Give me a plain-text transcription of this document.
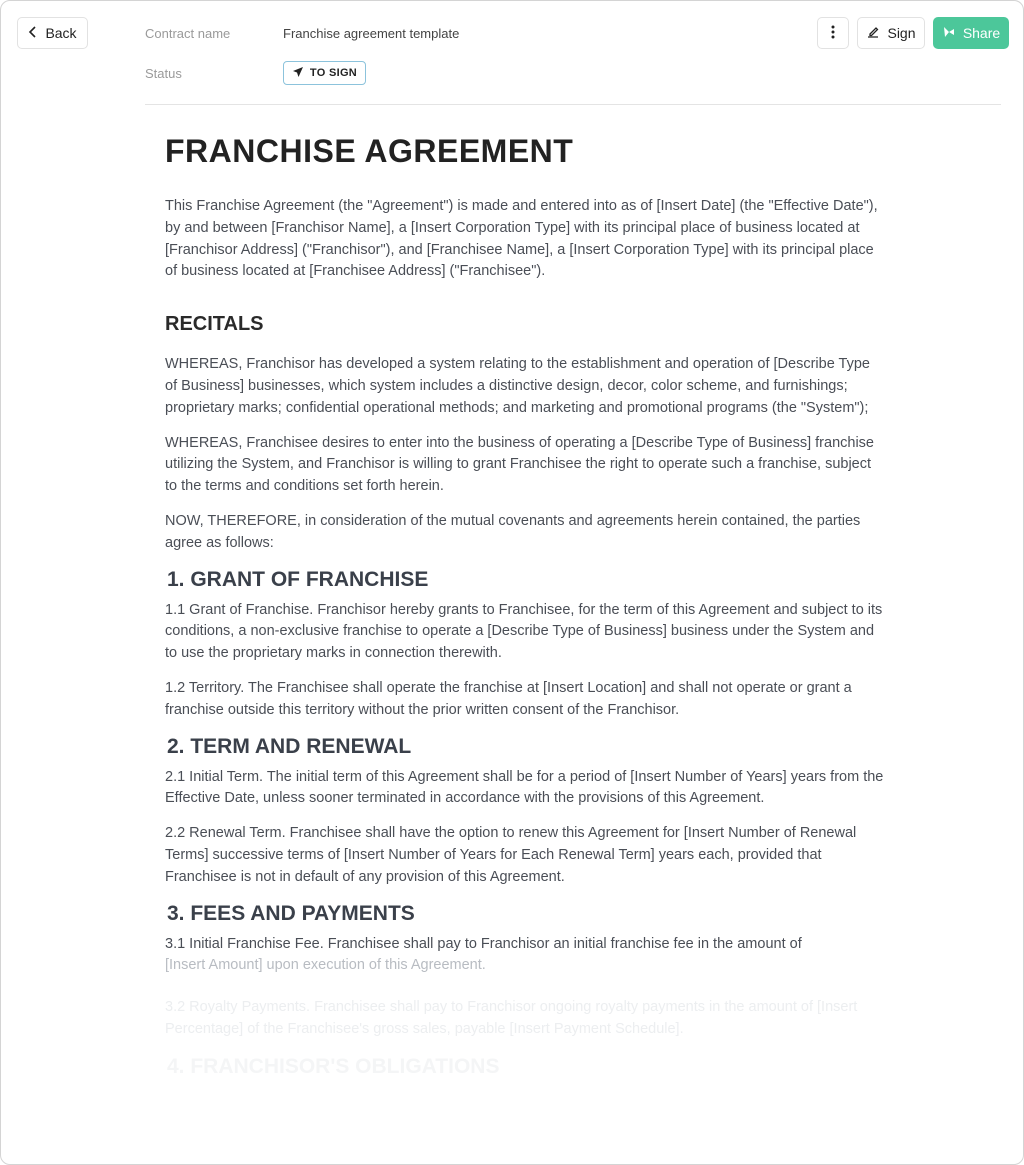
Back	Contract name	Franchise agreement template
Status	TO SIGN
Sign	Share
FRANCHISE AGREEMENT

This Franchise Agreement (the "Agreement") is made and entered into as of [Insert Date] (the "Effective Date"), by and between [Franchisor Name], a [Insert Corporation Type] with its principal place of business located at [Franchisor Address] ("Franchisor"), and [Franchisee Name], a [Insert Corporation Type] with its principal place of business located at [Franchisee Address] ("Franchisee").

RECITALS

WHEREAS, Franchisor has developed a system relating to the establishment and operation of [Describe Type of Business] businesses, which system includes a distinctive design, decor, color scheme, and furnishings; proprietary marks; confidential operational methods; and marketing and promotional programs (the "System");

WHEREAS, Franchisee desires to enter into the business of operating a [Describe Type of Business] franchise utilizing the System, and Franchisor is willing to grant Franchisee the right to operate such a franchise, subject to the terms and conditions set forth herein.

NOW, THEREFORE, in consideration of the mutual covenants and agreements herein contained, the parties agree as follows:

1. GRANT OF FRANCHISE

1.1 Grant of Franchise. Franchisor hereby grants to Franchisee, for the term of this Agreement and subject to its conditions, a non-exclusive franchise to operate a [Describe Type of Business] business under the System and to use the proprietary marks in connection therewith.

1.2 Territory. The Franchisee shall operate the franchise at [Insert Location] and shall not operate or grant a franchise outside this territory without the prior written consent of the Franchisor.

2. TERM AND RENEWAL

2.1 Initial Term. The initial term of this Agreement shall be for a period of [Insert Number of Years] years from the Effective Date, unless sooner terminated in accordance with the provisions of this Agreement.

2.2 Renewal Term. Franchisee shall have the option to renew this Agreement for [Insert Number of Renewal Terms] successive terms of [Insert Number of Years for Each Renewal Term] years each, provided that Franchisee is not in default of any provision of this Agreement.

3. FEES AND PAYMENTS

3.1 Initial Franchise Fee. Franchisee shall pay to Franchisor an initial franchise fee in the amount of
[Insert Amount] upon execution of this Agreement.

3.2 Royalty Payments. Franchisee shall pay to Franchisor ongoing royalty payments in the amount of [Insert Percentage] of the Franchisee's gross sales, payable [Insert Payment Schedule].

4. FRANCHISOR'S OBLIGATIONS
